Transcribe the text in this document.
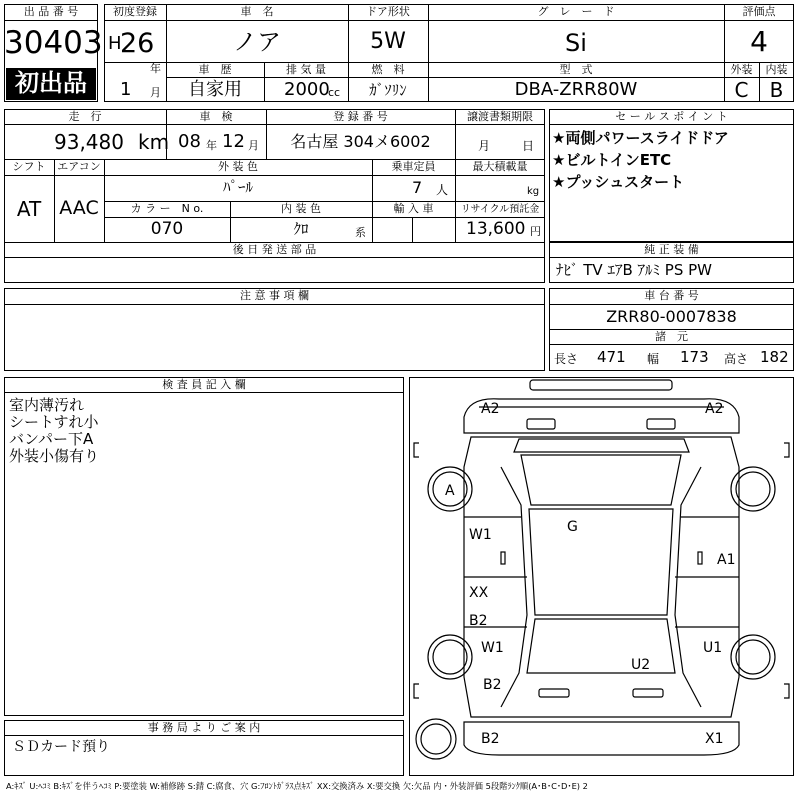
出 品 番 号
30403
初出品
初度登録
H
26
年
1 月
車　名
ノア
ドア形状
5W
グ　レ　ー　ド
Si
評価点
4
車　歴
自家用
排 気 量
2000
cc
燃　料
ｶﾞｿﾘﾝ
型　式
DBA-ZRR80W
外装
C
内装
B
走　行
93,480 km
車　検
08 年 12 月
登 録 番 号
名古屋 304メ6002
譲渡書類期限
月	日
シフト
AT
エアコン
AAC
外 装 色
ﾊﾟｰﾙ
乗車定員
7 人
最大積載量
kg
カ ラ ー　N o.
070
内 装 色
ｸﾛ	系
輸 入 車	リサイクル預託金
13,600 円
後 日 発 送 部 品
セ ー ル ス ポ イ ン ト
★両側パワースライドドア
★ビルトインETC
★プッシュスタート
純 正 装 備
ﾅﾋﾞ TV ｴｱB ｱﾙﾐ PS PW
注 意 事 項 欄	車 台 番 号
ZRR80-0007838
諸　元
長さ 471 幅 173 高さ 182
検 査 員 記 入 欄
室内薄汚れ
シートすれ小
バンパー下A
外装小傷有り
事 務 局 よ り ご 案 内
ＳＤカード預り
A2	A2
A
G
W1
A1
XX
B2
W1	U1
U2
B2
B2	X1
A:ｷｽﾞ U:ﾍｺﾐ B:ｷｽﾞを伴うﾍｺﾐ P:要塗装 W:補修跡 S:錆 C:腐食、穴 G:ﾌﾛﾝﾄｶﾞﾗｽ点ｷｽﾞ XX:交換済み X:要交換 欠:欠品 内・外装評価 5段階ﾗﾝｸ順(A･B･C･D･E) 2
